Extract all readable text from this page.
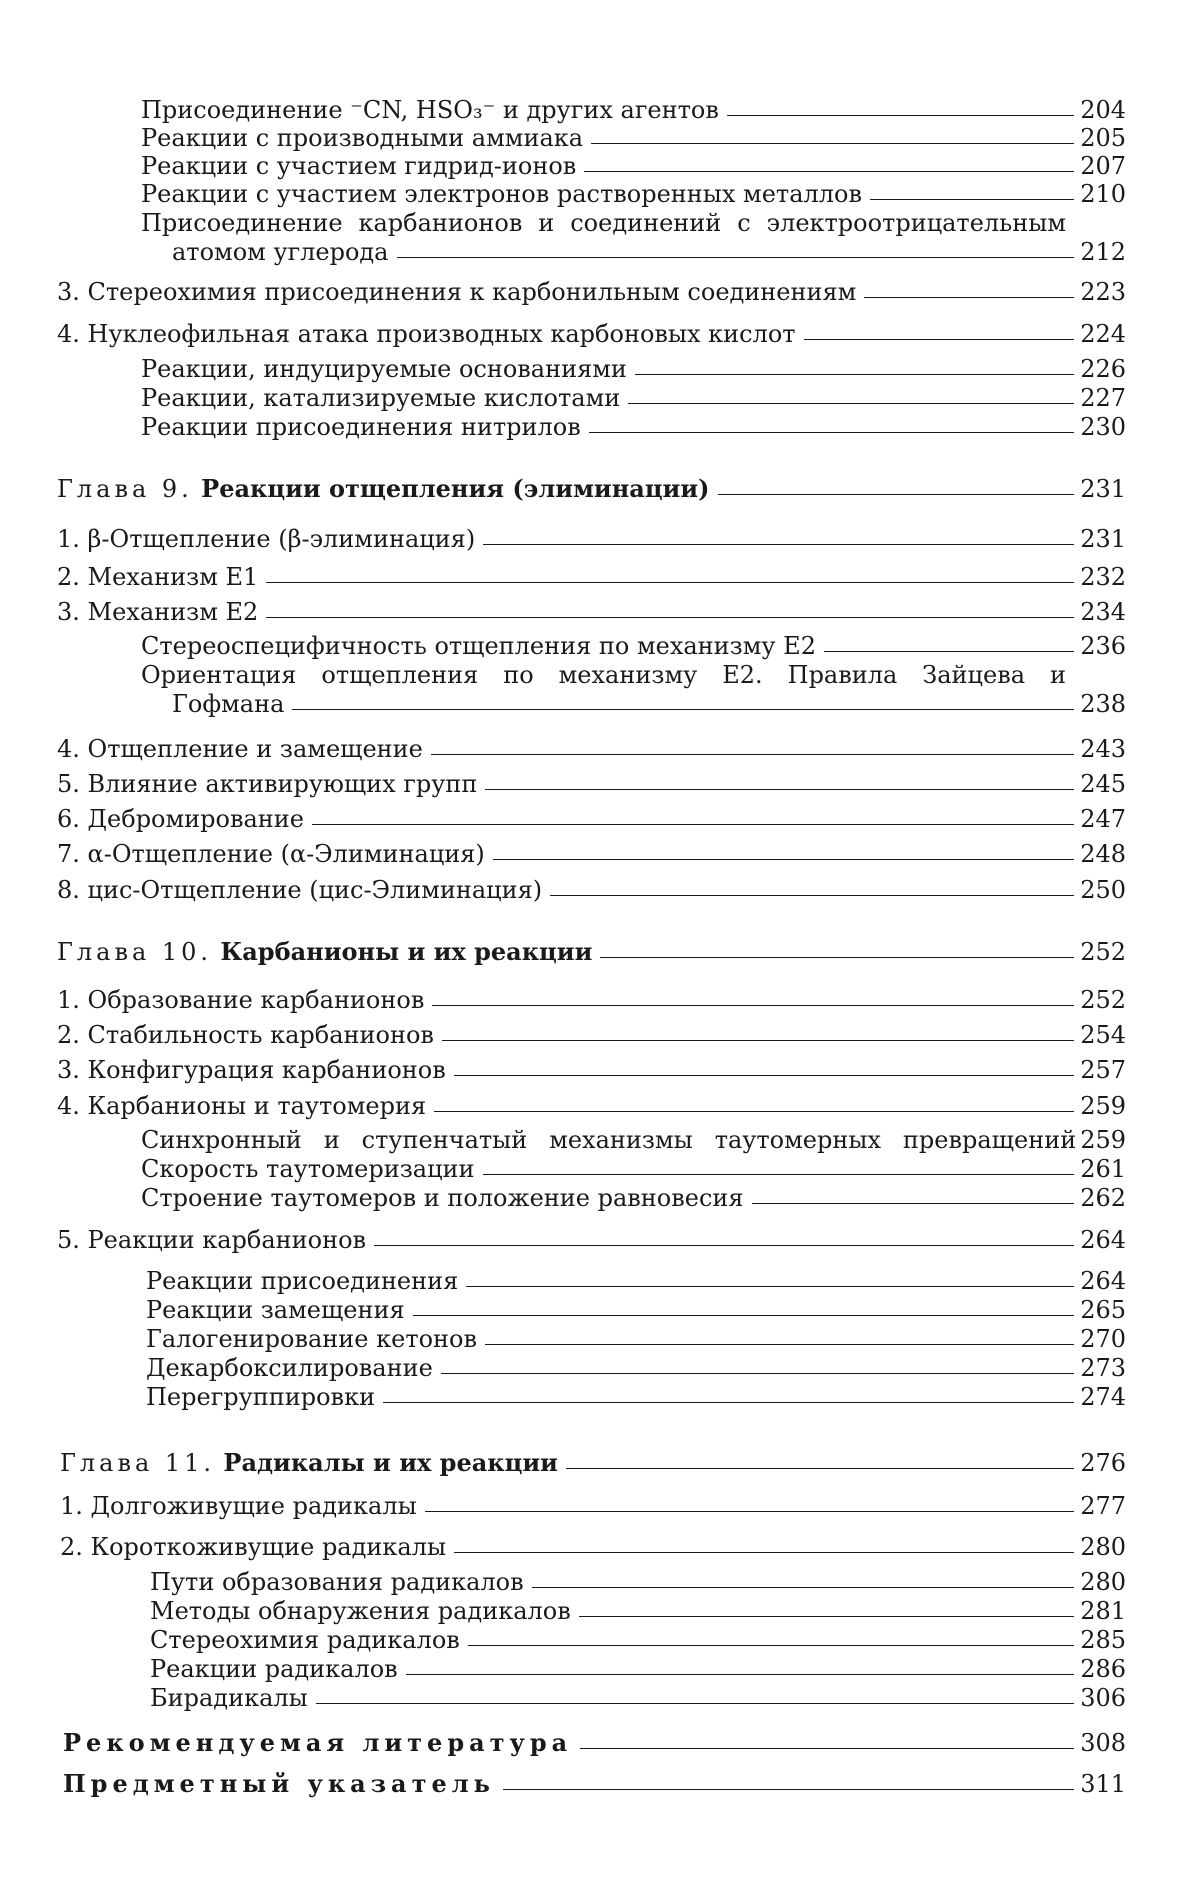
Присоединение ⁻CN, HSO₃⁻ и других агентов	204
Реакции с производными аммиака	205
Реакции с участием гидрид-ионов	207
Реакции с участием электронов растворенных металлов	210
Присоединение карбанионов и соединений с электроотрицательным
атомом углерода	212
3. Стереохимия присоединения к карбонильным соединениям	223
4. Нуклеофильная атака производных карбоновых кислот	224
Реакции, индуцируемые основаниями	226
Реакции, катализируемые кислотами	227
Реакции присоединения нитрилов	230
Глава 9. Реакции отщепления (элиминации)	231
1. β-Отщепление (β-элиминация)	231
2. Механизм E1	232
3. Механизм E2	234
Стереоспецифичность отщепления по механизму E2	236
Ориентация отщепления по механизму E2. Правила Зайцева и
Гофмана	238
4. Отщепление и замещение	243
5. Влияние активирующих групп	245
6. Дебромирование	247
7. α-Отщепление (α-Элиминация)	248
8. цис-Отщепление (цис-Элиминация)	250
Глава 10. Карбанионы и их реакции	252
1. Образование карбанионов	252
2. Стабильность карбанионов	254
3. Конфигурация карбанионов	257
4. Карбанионы и таутомерия	259
Синхронный и ступенчатый механизмы таутомерных превращений 259
Скорость таутомеризации	261
Строение таутомеров и положение равновесия	262
5. Реакции карбанионов	264
Реакции присоединения	264
Реакции замещения	265
Галогенирование кетонов	270
Декарбоксилирование	273
Перегруппировки	274
Глава 11. Радикалы и их реакции	276
1. Долгоживущие радикалы	277
2. Короткоживущие радикалы	280
Пути образования радикалов	280
Методы обнаружения радикалов	281
Стереохимия радикалов	285
Реакции радикалов	286
Бирадикалы	306
Рекомендуемая литература	308
Предметный указатель	311
